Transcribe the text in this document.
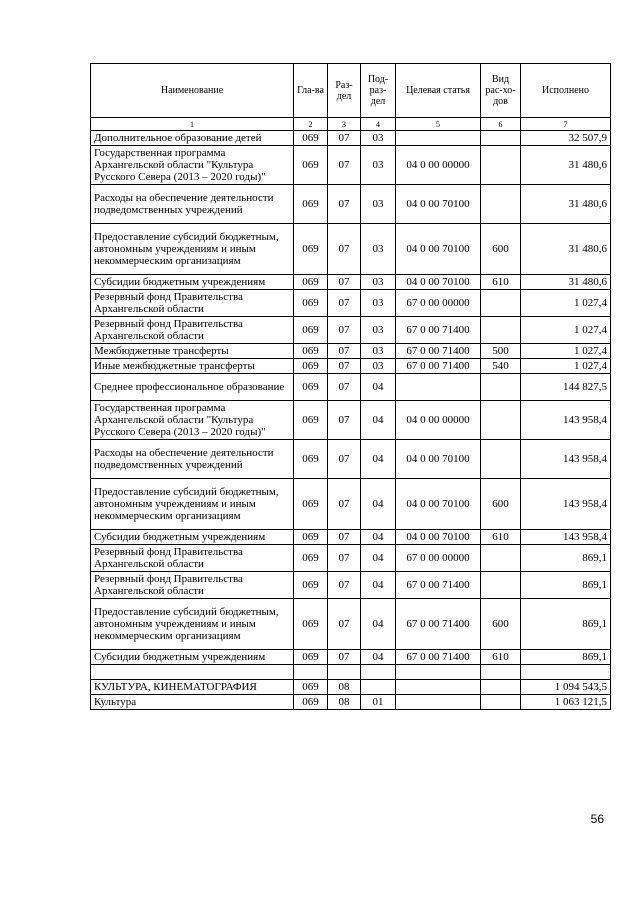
Наименование	Гла-ва	Раз-дел	Под-раз-дел	Целевая статья	Вид рас-хо-дов	Исполнено
1	2	3	4	5	6	7
Дополнительное образование детей	069	07	03			32 507,9
Государственная программа Архангельской области "Культура Русского Севера (2013 – 2020 годы)"	069	07	03	04 0 00 00000		31 480,6
Расходы на обеспечение деятельности подведомственных учреждений	069	07	03	04 0 00 70100		31 480,6
Предоставление субсидий бюджетным, автономным учреждениям и иным некоммерческим организациям	069	07	03	04 0 00 70100	600	31 480,6
Субсидии бюджетным учреждениям	069	07	03	04 0 00 70100	610	31 480,6
Резервный фонд Правительства Архангельской области	069	07	03	67 0 00 00000		1 027,4
Резервный фонд Правительства Архангельской области	069	07	03	67 0 00 71400		1 027,4
Межбюджетные трансферты	069	07	03	67 0 00 71400	500	1 027,4
Иные межбюджетные трансферты	069	07	03	67 0 00 71400	540	1 027,4
Среднее профессиональное образование	069	07	04			144 827,5
Государственная программа Архангельской области "Культура Русского Севера (2013 – 2020 годы)"	069	07	04	04 0 00 00000		143 958,4
Расходы на обеспечение деятельности подведомственных учреждений	069	07	04	04 0 00 70100		143 958,4
Предоставление субсидий бюджетным, автономным учреждениям и иным некоммерческим организациям	069	07	04	04 0 00 70100	600	143 958,4
Субсидии бюджетным учреждениям	069	07	04	04 0 00 70100	610	143 958,4
Резервный фонд Правительства Архангельской области	069	07	04	67 0 00 00000		869,1
Резервный фонд Правительства Архангельской области	069	07	04	67 0 00 71400		869,1
Предоставление субсидий бюджетным, автономным учреждениям и иным некоммерческим организациям	069	07	04	67 0 00 71400	600	869,1
Субсидии бюджетным учреждениям	069	07	04	67 0 00 71400	610	869,1

КУЛЬТУРА, КИНЕМАТОГРАФИЯ	069	08				1 094 543,5
Культура	069	08	01			1 063 121,5
56
